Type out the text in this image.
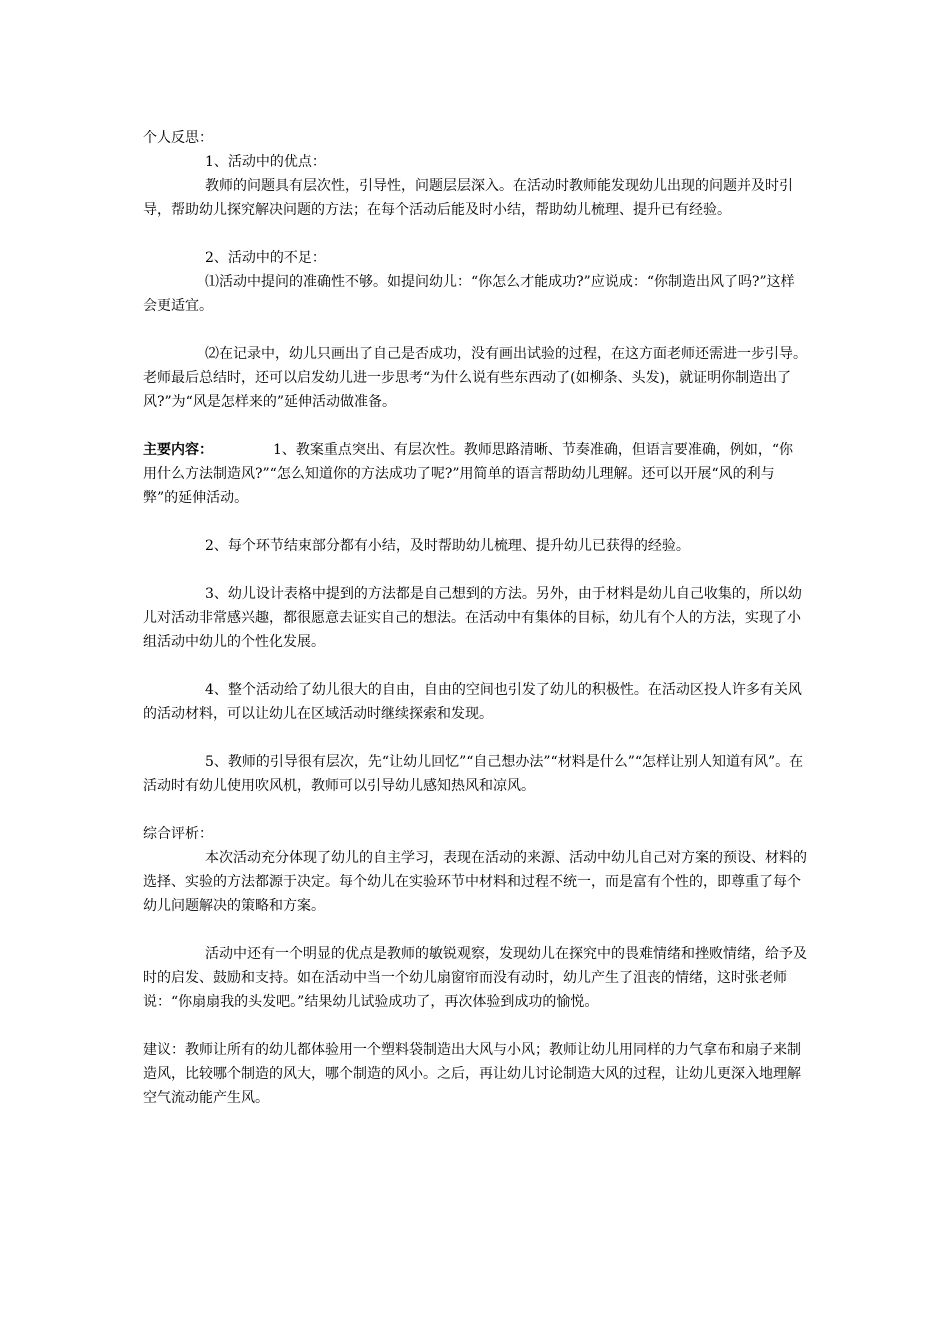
个人反思：

1、活动中的优点：

教师的问题具有层次性，引导性，问题层层深入。在活动时教师能发现幼儿出现的问题并及时引导，帮助幼儿探究解决问题的方法；在每个活动后能及时小结，帮助幼儿梳理、提升已有经验。

2、活动中的不足：

⑴活动中提问的准确性不够。如提问幼儿：“你怎么才能成功?”应说成：“你制造出风了吗?”这样会更适宜。

⑵在记录中，幼儿只画出了自己是否成功，没有画出试验的过程，在这方面老师还需进一步引导。老师最后总结时，还可以启发幼儿进一步思考“为什么说有些东西动了(如柳条、头发)，就证明你制造出了风?”为“风是怎样来的”延伸活动做准备。

主要内容：	1、教案重点突出、有层次性。教师思路清晰、节奏准确，但语言要准确，例如，“你用什么方法制造风?”“怎么知道你的方法成功了呢?”用简单的语言帮助幼儿理解。还可以开展“风的利与弊”的延伸活动。

2、每个环节结束部分都有小结，及时帮助幼儿梳理、提升幼儿已获得的经验。

3、幼儿设计表格中提到的方法都是自己想到的方法。另外，由于材料是幼儿自己收集的，所以幼儿对活动非常感兴趣，都很愿意去证实自己的想法。在活动中有集体的目标，幼儿有个人的方法，实现了小组活动中幼儿的个性化发展。

4、整个活动给了幼儿很大的自由，自由的空间也引发了幼儿的积极性。在活动区投人许多有关风的活动材料，可以让幼儿在区域活动时继续探索和发现。

5、教师的引导很有层次，先“让幼儿回忆”“自己想办法”“材料是什么”“怎样让别人知道有风”。在活动时有幼儿使用吹风机，教师可以引导幼儿感知热风和凉风。

综合评析：

本次活动充分体现了幼儿的自主学习，表现在活动的来源、活动中幼儿自己对方案的预设、材料的选择、实验的方法都源于决定。每个幼儿在实验环节中材料和过程不统一，而是富有个性的，即尊重了每个幼儿问题解决的策略和方案。

活动中还有一个明显的优点是教师的敏锐观察，发现幼儿在探究中的畏难情绪和挫败情绪，给予及时的启发、鼓励和支持。如在活动中当一个幼儿扇窗帘而没有动时，幼儿产生了沮丧的情绪，这时张老师说：“你扇扇我的头发吧。”结果幼儿试验成功了，再次体验到成功的愉悦。

建议：教师让所有的幼儿都体验用一个塑料袋制造出大风与小风；教师让幼儿用同样的力气拿布和扇子来制造风，比较哪个制造的风大，哪个制造的风小。之后，再让幼儿讨论制造大风的过程，让幼儿更深入地理解空气流动能产生风。
